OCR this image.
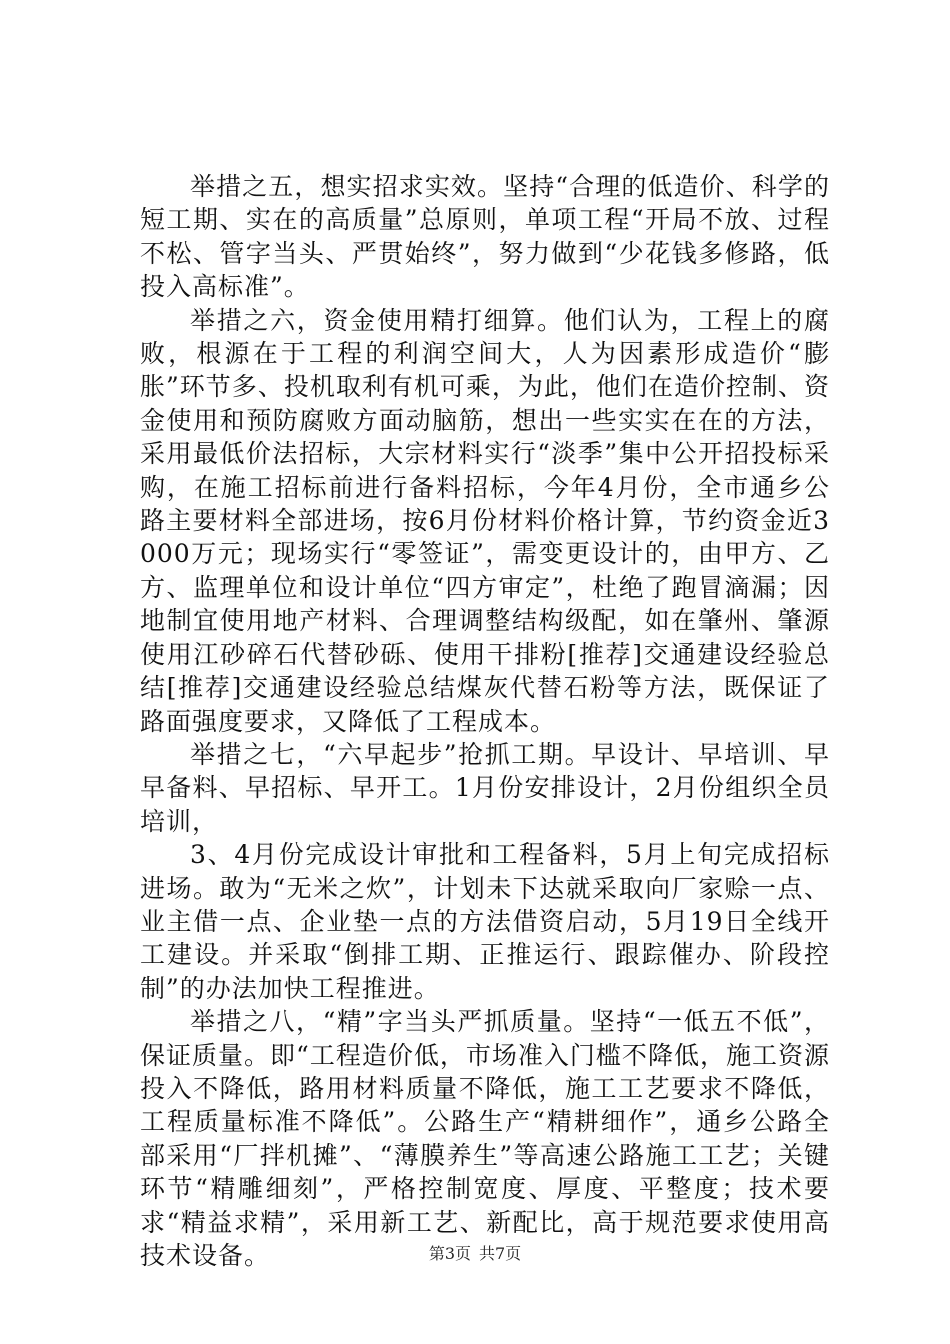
举措之五，想实招求实效。坚持“合理的低造价、科学的短工期、实在的高质量”总原则，单项工程“开局不放、过程不松、管字当头、严贯始终”，努力做到“少花钱多修路，低投入高标准”。

举措之六，资金使用精打细算。他们认为，工程上的腐败，根源在于工程的利润空间大，人为因素形成造价“膨胀”环节多、投机取利有机可乘，为此，他们在造价控制、资金使用和预防腐败方面动脑筋，想出一些实实在在的方法，采用最低价法招标，大宗材料实行“淡季”集中公开招投标采购，在施工招标前进行备料招标，今年4月份，全市通乡公路主要材料全部进场，按6月份材料价格计算，节约资金近3000万元；现场实行“零签证”，需变更设计的，由甲方、乙方、监理单位和设计单位“四方审定”，杜绝了跑冒滴漏；因地制宜使用地产材料、合理调整结构级配，如在肇州、肇源使用江砂碎石代替砂砾、使用干排粉[推荐]交通建设经验总结[推荐]交通建设经验总结煤灰代替石粉等方法，既保证了路面强度要求，又降低了工程成本。

举措之七，“六早起步”抢抓工期。早设计、早培训、早早备料、早招标、早开工。1月份安排设计，2月份组织全员培训，

3、4月份完成设计审批和工程备料，5月上旬完成招标进场。敢为“无米之炊”，计划未下达就采取向厂家赊一点、业主借一点、企业垫一点的方法借资启动，5月19日全线开工建设。并采取“倒排工期、正推运行、跟踪催办、阶段控制”的办法加快工程推进。

举措之八，“精”字当头严抓质量。坚持“一低五不低”，保证质量。即“工程造价低，市场准入门槛不降低，施工资源投入不降低，路用材料质量不降低，施工工艺要求不降低，工程质量标准不降低”。公路生产“精耕细作”，通乡公路全部采用“厂拌机摊”、“薄膜养生”等高速公路施工工艺；关键环节“精雕细刻”，严格控制宽度、厚度、平整度；技术要求“精益求精”，采用新工艺、新配比，高于规范要求使用高技术设备。	第3页 共7页
